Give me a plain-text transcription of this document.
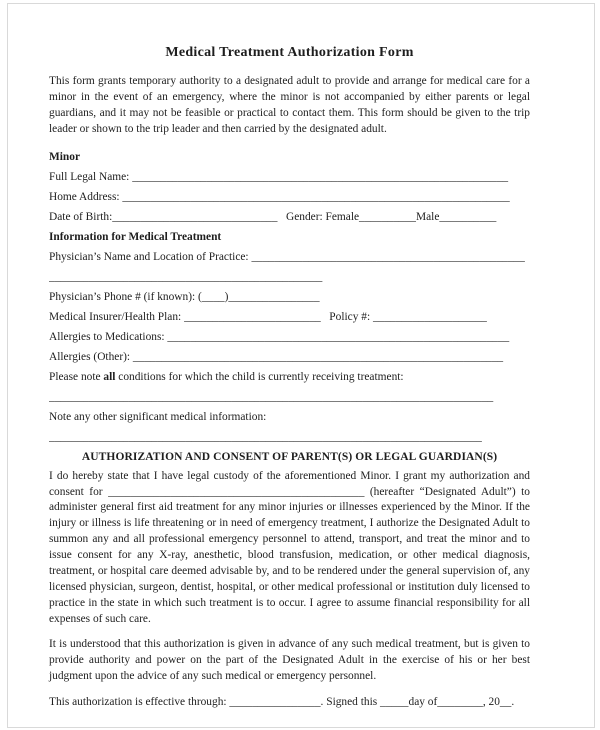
Medical Treatment Authorization Form

This form grants temporary authority to a designated adult to provide and arrange for medical care for a minor in the event of an emergency, where the minor is not accompanied by either parents or legal guardians, and it may not be feasible or practical to contact them. This form should be given to the trip leader or shown to the trip leader and then carried by the designated adult.

Minor
Full Legal Name: __________________________________________________________________
Home Address: ____________________________________________________________________
Date of Birth:_____________________________   Gender: Female__________Male__________
Information for Medical Treatment
Physician’s Name and Location of Practice: ________________________________________________
________________________________________________
Physician’s Phone # (if known): (____)________________
Medical Insurer/Health Plan: ________________________   Policy #: ____________________
Allergies to Medications: ____________________________________________________________
Allergies (Other): _________________________________________________________________
Please note all conditions for which the child is currently receiving treatment:
______________________________________________________________________________
Note any other significant medical information:
____________________________________________________________________________
AUTHORIZATION AND CONSENT OF PARENT(S) OR LEGAL GUARDIAN(S)

I do hereby state that I have legal custody of the aforementioned Minor. I grant my authorization and consent for _____________________________________________ (hereafter “Designated Adult”) to administer general first aid treatment for any minor injuries or illnesses experienced by the Minor. If the injury or illness is life threatening or in need of emergency treatment, I authorize the Designated Adult to summon any and all professional emergency personnel to attend, transport, and treat the minor and to issue consent for any X-ray, anesthetic, blood transfusion, medication, or other medical diagnosis, treatment, or hospital care deemed advisable by, and to be rendered under the general supervision of, any licensed physician, surgeon, dentist, hospital, or other medical professional or institution duly licensed to practice in the state in which such treatment is to occur. I agree to assume financial responsibility for all expenses of such care.

It is understood that this authorization is given in advance of any such medical treatment, but is given to provide authority and power on the part of the Designated Adult in the exercise of his or her best judgment upon the advice of any such medical or emergency personnel.

This authorization is effective through: ________________. Signed this _____day of________, 20__.
